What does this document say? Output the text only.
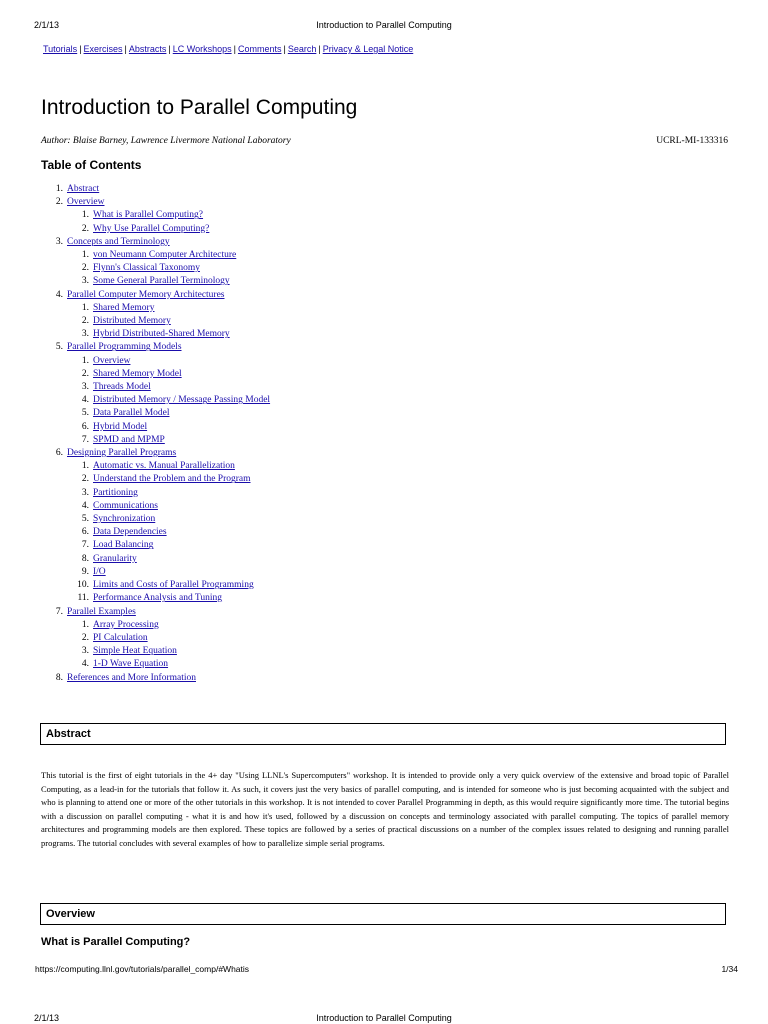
2/1/13	Introduction to Parallel Computing
Tutorials | Exercises | Abstracts | LC Workshops | Comments | Search | Privacy & Legal Notice
Introduction to Parallel Computing
Author: Blaise Barney, Lawrence Livermore National Laboratory	UCRL-MI-133316
Table of Contents
1. Abstract
2. Overview
1. What is Parallel Computing?
2. Why Use Parallel Computing?
3. Concepts and Terminology
1. von Neumann Computer Architecture
2. Flynn's Classical Taxonomy
3. Some General Parallel Terminology
4. Parallel Computer Memory Architectures
1. Shared Memory
2. Distributed Memory
3. Hybrid Distributed-Shared Memory
5. Parallel Programming Models
1. Overview
2. Shared Memory Model
3. Threads Model
4. Distributed Memory / Message Passing Model
5. Data Parallel Model
6. Hybrid Model
7. SPMD and MPMP
6. Designing Parallel Programs
1. Automatic vs. Manual Parallelization
2. Understand the Problem and the Program
3. Partitioning
4. Communications
5. Synchronization
6. Data Dependencies
7. Load Balancing
8. Granularity
9. I/O
10. Limits and Costs of Parallel Programming
11. Performance Analysis and Tuning
7. Parallel Examples
1. Array Processing
2. PI Calculation
3. Simple Heat Equation
4. 1-D Wave Equation
8. References and More Information
Abstract

This tutorial is the first of eight tutorials in the 4+ day "Using LLNL's Supercomputers" workshop. It is intended to provide only a very quick overview of the extensive and broad topic of Parallel Computing, as a lead-in for the tutorials that follow it. As such, it covers just the very basics of parallel computing, and is intended for someone who is just becoming acquainted with the subject and who is planning to attend one or more of the other tutorials in this workshop. It is not intended to cover Parallel Programming in depth, as this would require significantly more time. The tutorial begins with a discussion on parallel computing - what it is and how it's used, followed by a discussion on concepts and terminology associated with parallel computing. The topics of parallel memory architectures and programming models are then explored. These topics are followed by a series of practical discussions on a number of the complex issues related to designing and running parallel programs. The tutorial concludes with several examples of how to parallelize simple serial programs.

Overview
What is Parallel Computing?
https://computing.llnl.gov/tutorials/parallel_comp/#Whatis	1/34
2/1/13	Introduction to Parallel Computing
